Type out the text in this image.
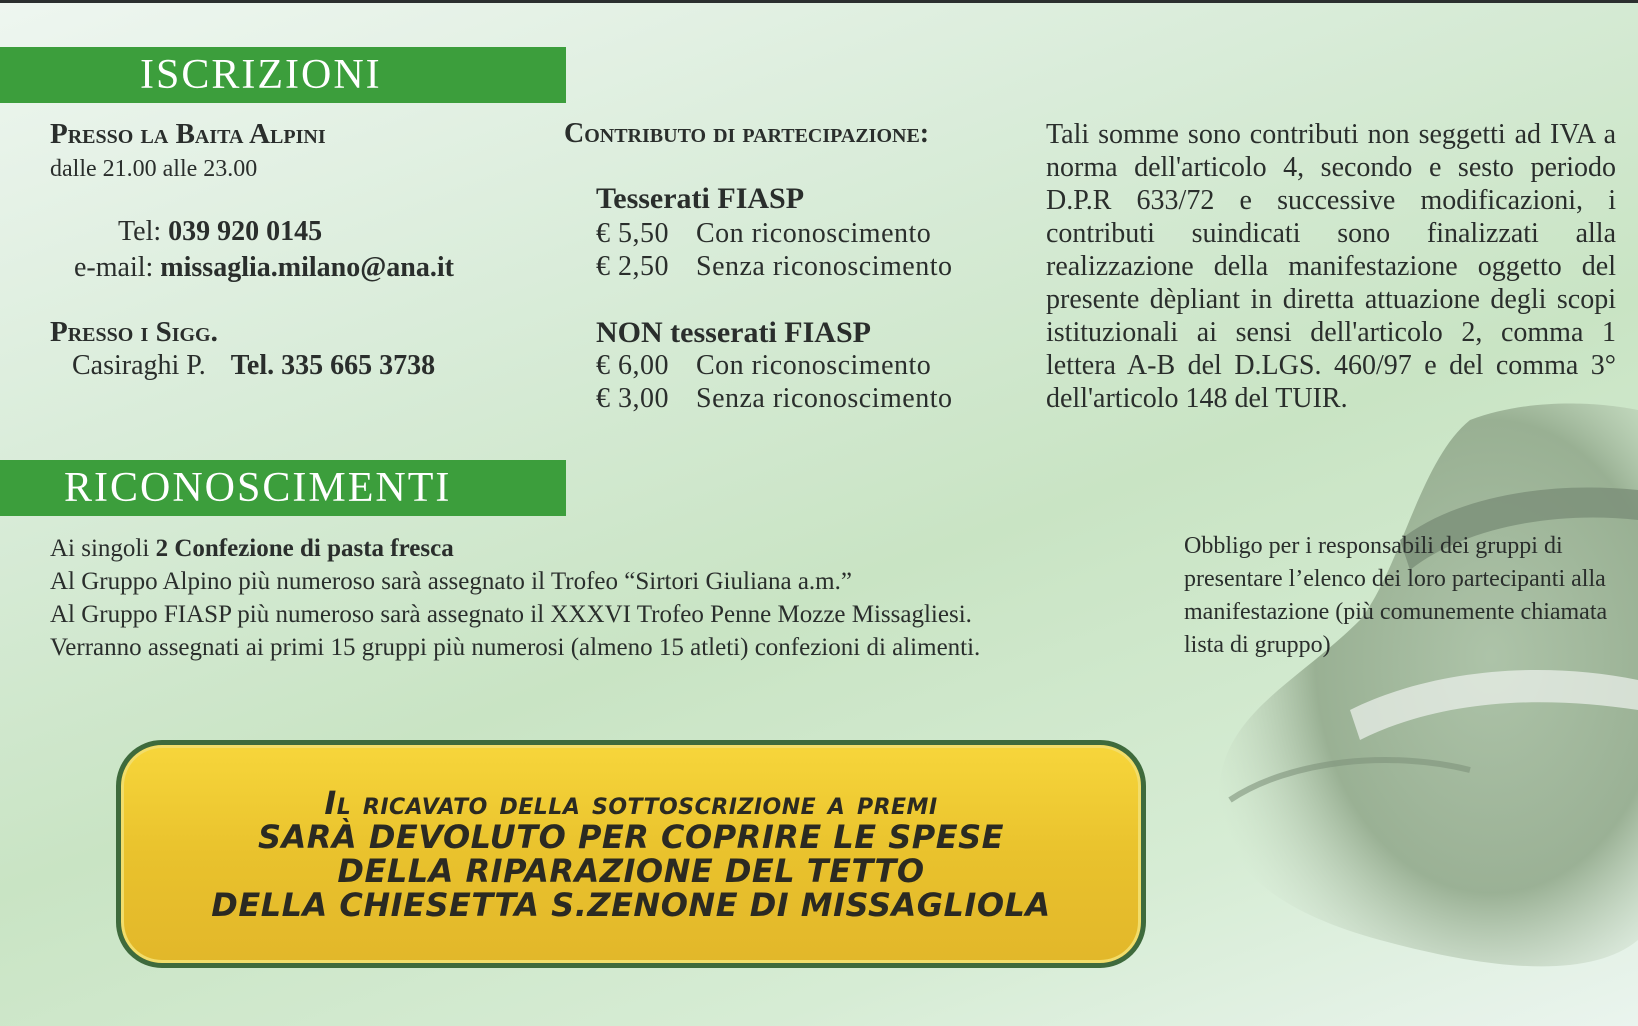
ISCRIZIONI
Presso la Baita Alpini
dalle 21.00 alle 23.00
Tel: 039 920 0145
e-mail: missaglia.milano@ana.it
Presso i Sigg.
Casiraghi P. Tel. 335 665 3738
Contributo di partecipazione:
Tesserati FIASP
€ 5,50 Con riconoscimento
€ 2,50 Senza riconoscimento
NON tesserati FIASP
€ 6,00 Con riconoscimento
€ 3,00 Senza riconoscimento

Tali somme sono contributi non seggetti ad IVA a norma dell'articolo 4, secondo e sesto periodo D.P.R 633/72 e successive modificazioni, i contributi suindicati sono finalizzati alla realizzazione della manifestazione oggetto del presente dèpliant in diretta attuazione degli scopi istituzionali ai sensi dell'articolo 2, comma 1 lettera A-B del D.LGS. 460/97 e del comma 3° dell'articolo 148 del TUIR.

RICONOSCIMENTI
Ai singoli 2 Confezione di pasta fresca
Al Gruppo Alpino più numeroso sarà assegnato il Trofeo “Sirtori Giuliana a.m.”
Al Gruppo FIASP più numeroso sarà assegnato il XXXVI Trofeo Penne Mozze Missagliesi.
Verranno assegnati ai primi 15 gruppi più numerosi (almeno 15 atleti) confezioni di alimenti.

Obbligo per i responsabili dei gruppi di presentare l’elenco dei loro partecipanti alla manifestazione (più comunemente chiamata lista di gruppo)

Il ricavato della sottoscrizione a premi
SARÀ DEVOLUTO PER COPRIRE LE SPESE
DELLA RIPARAZIONE DEL TETTO
DELLA CHIESETTA S.ZENONE DI MISSAGLIOLA
